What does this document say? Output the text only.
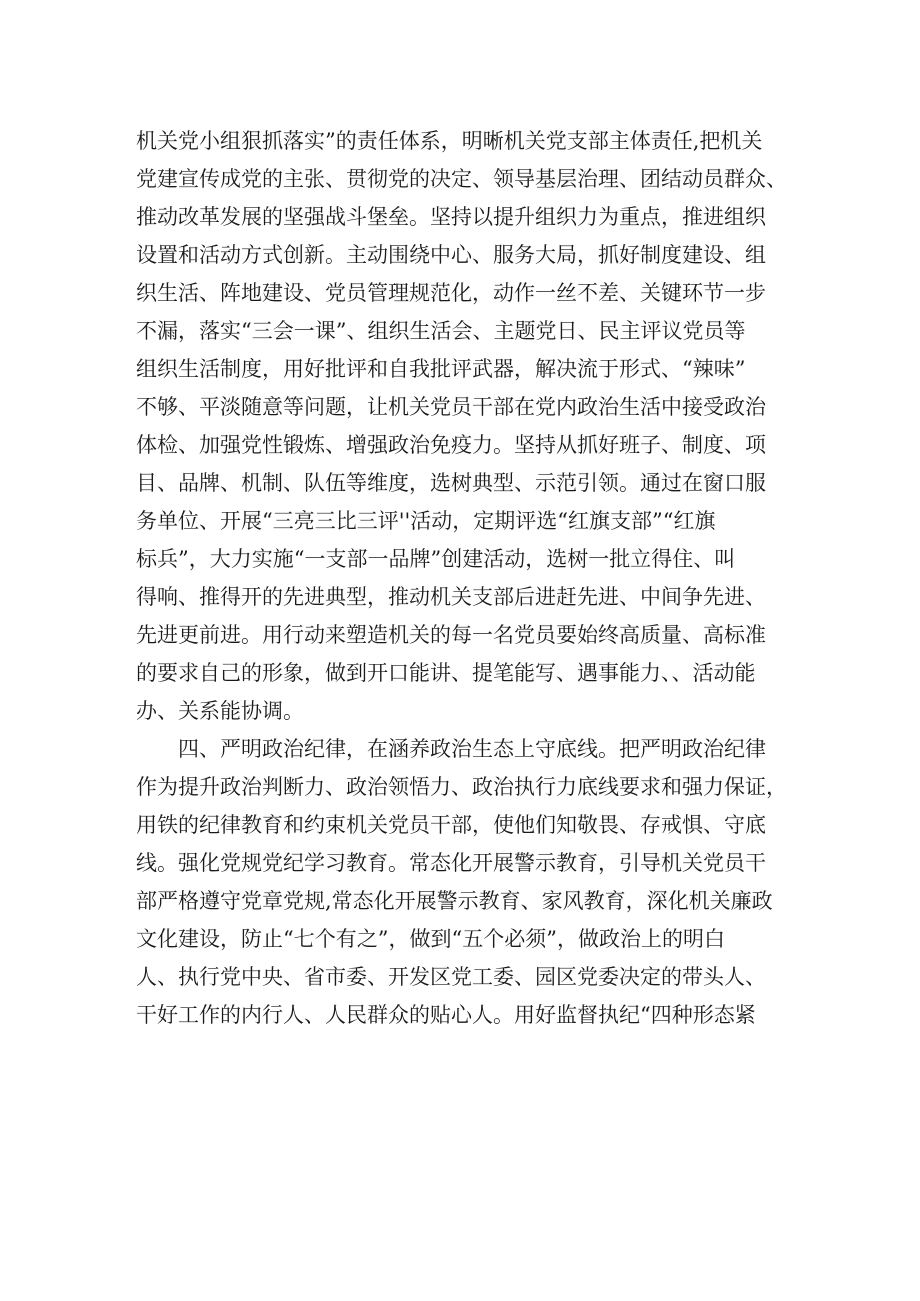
机关党小组狠抓落实”的责任体系，明晰机关党支部主体责任,把机关
党建宣传成党的主张、贯彻党的决定、领导基层治理、团结动员群众、
推动改革发展的坚强战斗堡垒。坚持以提升组织力为重点，推进组织
设置和活动方式创新。主动围绕中心、服务大局，抓好制度建设、组
织生活、阵地建设、党员管理规范化，动作一丝不差、关键环节一步
不漏，落实“三会一课”、组织生活会、主题党日、民主评议党员等
组织生活制度，用好批评和自我批评武器，解决流于形式、“辣味”
不够、平淡随意等问题，让机关党员干部在党内政治生活中接受政治
体检、加强党性锻炼、增强政治免疫力。坚持从抓好班子、制度、项
目、品牌、机制、队伍等维度，选树典型、示范引领。通过在窗口服
务单位、开展“三亮三比三评''活动，定期评选“红旗支部”“红旗
标兵”，大力实施“一支部一品牌”创建活动，选树一批立得住、叫
得响、推得开的先进典型，推动机关支部后进赶先进、中间争先进、
先进更前进。用行动来塑造机关的每一名党员要始终高质量、高标准
的要求自己的形象，做到开口能讲、提笔能写、遇事能力、、活动能
办、关系能协调。
四、严明政治纪律，在涵养政治生态上守底线。把严明政治纪律
作为提升政治判断力、政治领悟力、政治执行力底线要求和强力保证，
用铁的纪律教育和约束机关党员干部，使他们知敬畏、存戒惧、守底
线。强化党规党纪学习教育。常态化开展警示教育，引导机关党员干
部严格遵守党章党规,常态化开展警示教育、家风教育，深化机关廉政
文化建设，防止“七个有之”，做到“五个必须”，做政治上的明白
人、执行党中央、省市委、开发区党工委、园区党委决定的带头人、
干好工作的内行人、人民群众的贴心人。用好监督执纪“四种形态紧
